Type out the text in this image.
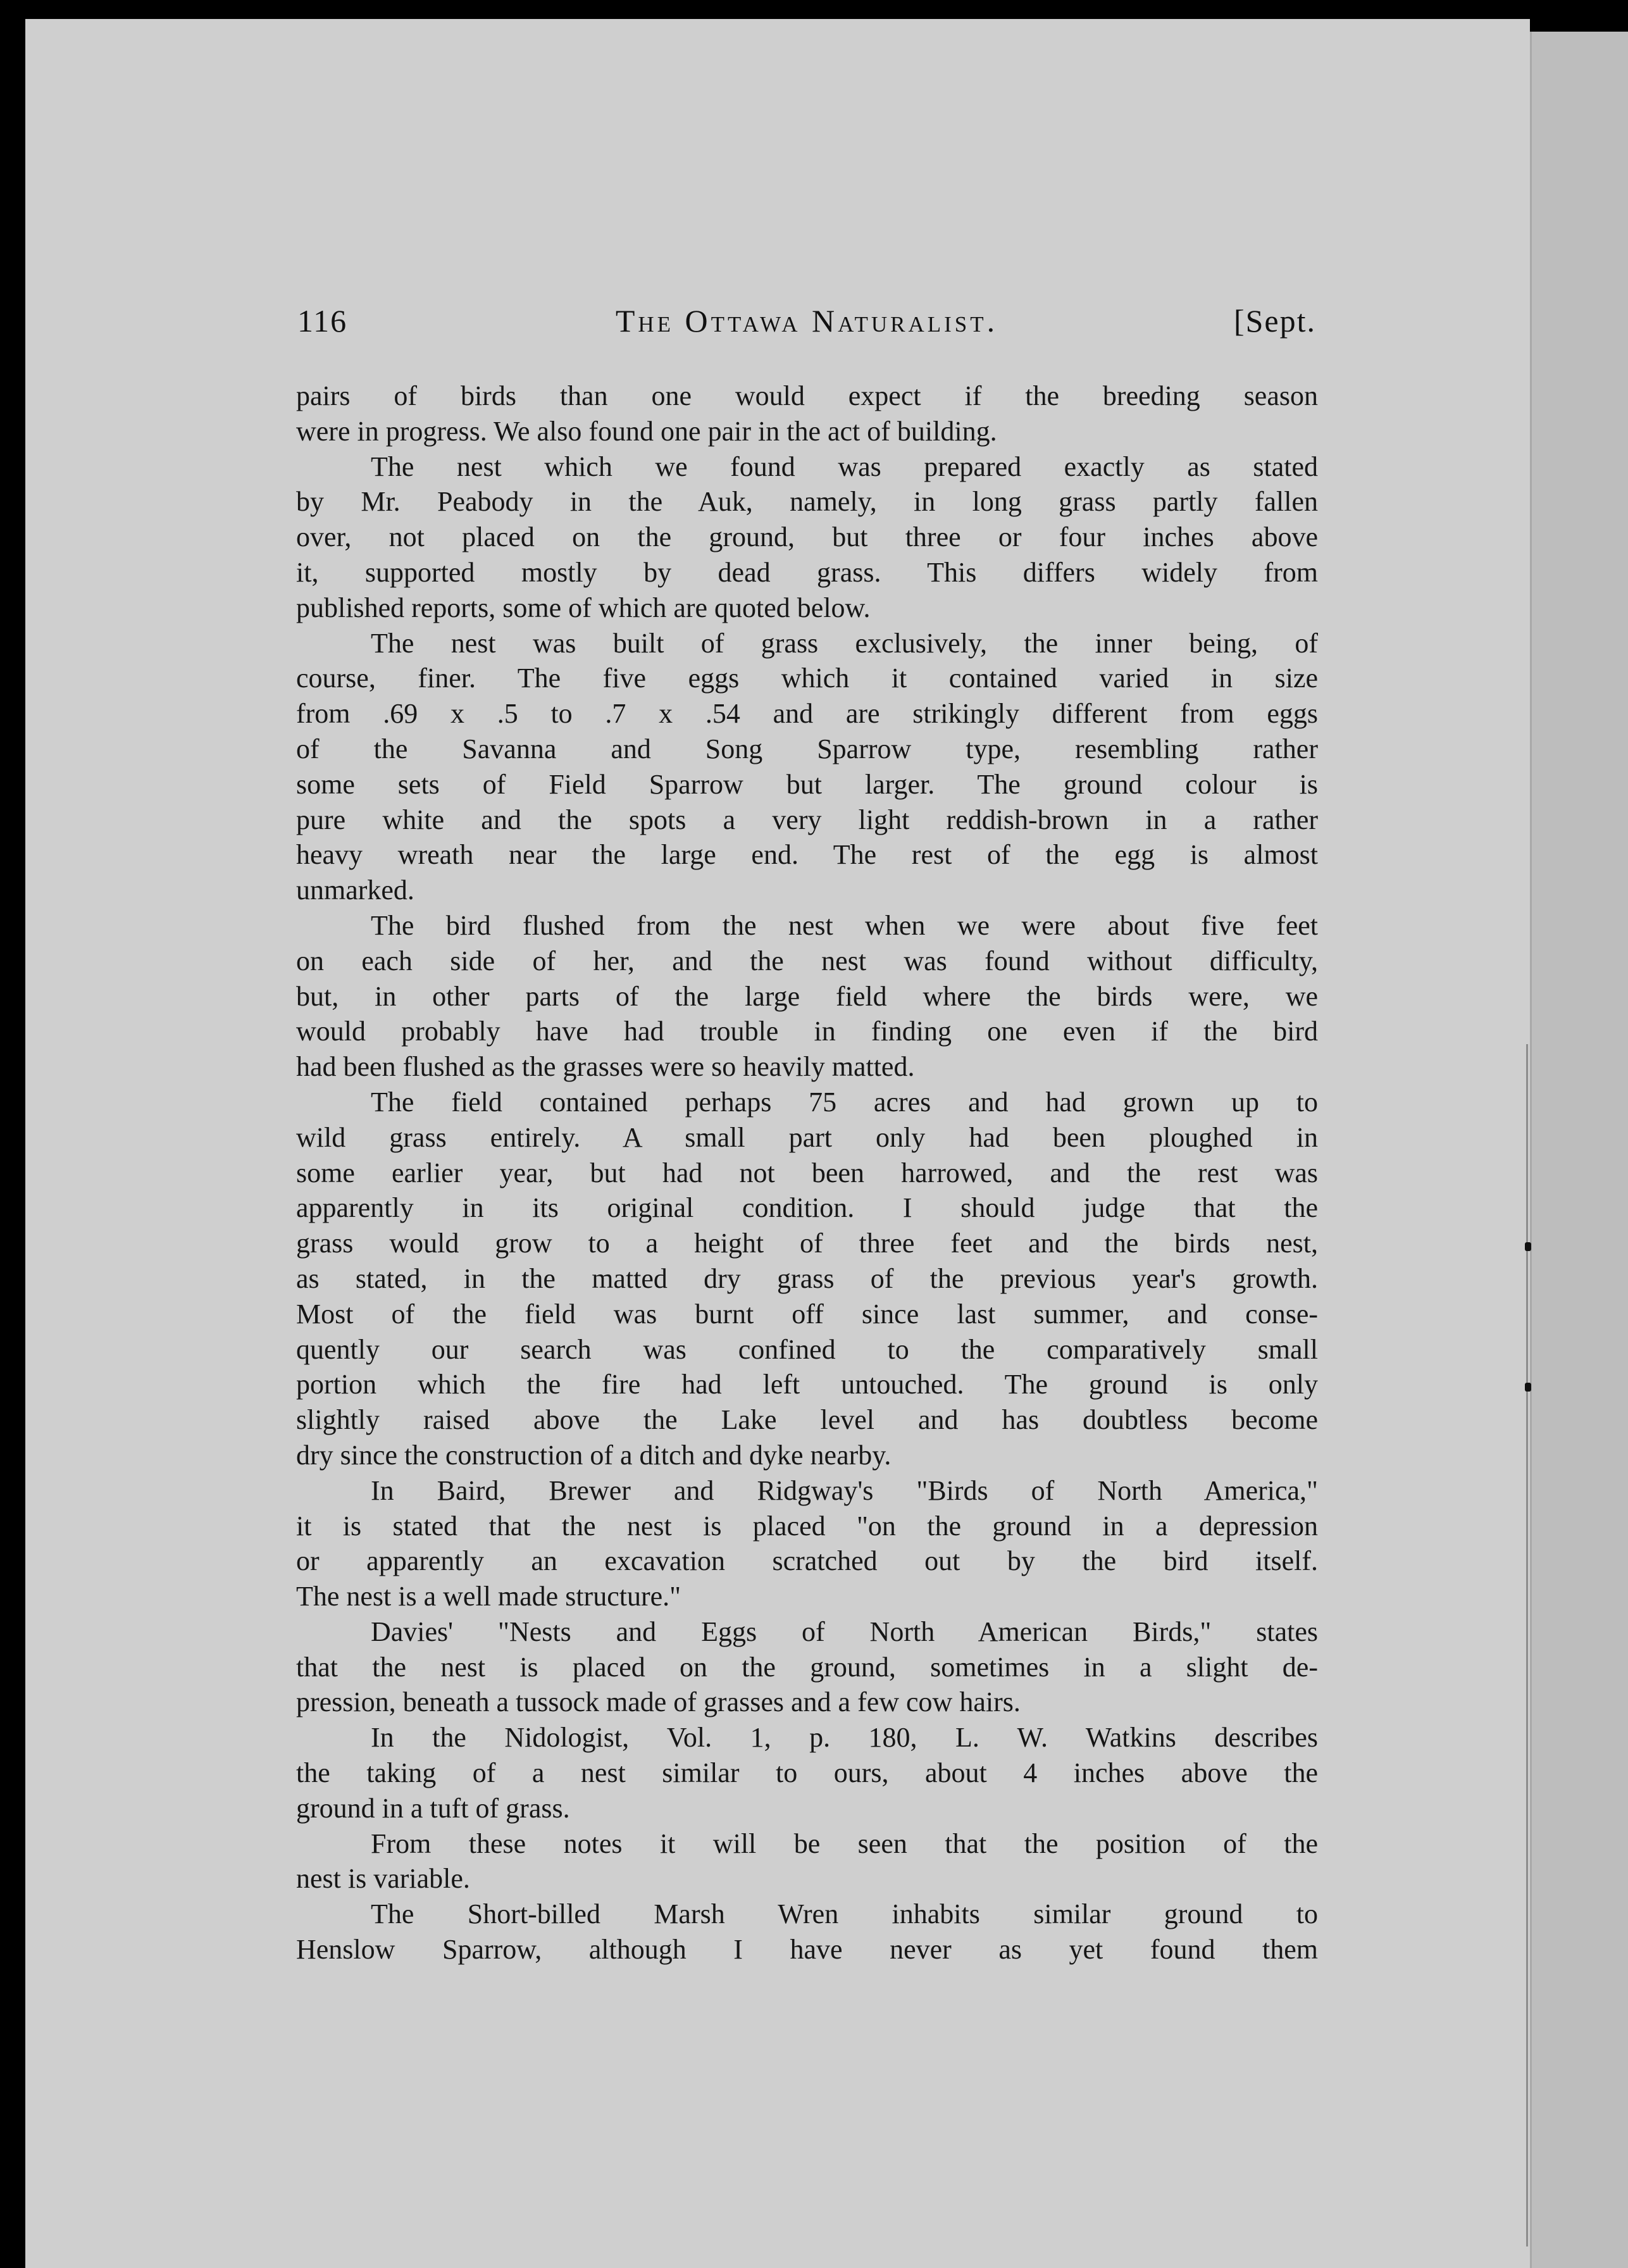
116	The Ottawa Naturalist.	[Sept.
pairs of birds than one would expect if the breeding season
were in progress. We also found one pair in the act of building.
The nest which we found was prepared exactly as stated
by Mr. Peabody in the Auk, namely, in long grass partly fallen
over, not placed on the ground, but three or four inches above
it, supported mostly by dead grass. This differs widely from
published reports, some of which are quoted below.
The nest was built of grass exclusively, the inner being, of
course, finer. The five eggs which it contained varied in size
from .69 x .5 to .7 x .54 and are strikingly different from eggs
of the Savanna and Song Sparrow type, resembling rather
some sets of Field Sparrow but larger. The ground colour is
pure white and the spots a very light reddish-brown in a rather
heavy wreath near the large end. The rest of the egg is almost
unmarked.
The bird flushed from the nest when we were about five feet
on each side of her, and the nest was found without difficulty,
but, in other parts of the large field where the birds were, we
would probably have had trouble in finding one even if the bird
had been flushed as the grasses were so heavily matted.
The field contained perhaps 75 acres and had grown up to
wild grass entirely. A small part only had been ploughed in
some earlier year, but had not been harrowed, and the rest was
apparently in its original condition. I should judge that the
grass would grow to a height of three feet and the birds nest,
as stated, in the matted dry grass of the previous year's growth.
Most of the field was burnt off since last summer, and conse-
quently our search was confined to the comparatively small
portion which the fire had left untouched. The ground is only
slightly raised above the Lake level and has doubtless become
dry since the construction of a ditch and dyke nearby.
In Baird, Brewer and Ridgway's "Birds of North America,"
it is stated that the nest is placed "on the ground in a depression
or apparently an excavation scratched out by the bird itself.
The nest is a well made structure."
Davies' "Nests and Eggs of North American Birds," states
that the nest is placed on the ground, sometimes in a slight de-
pression, beneath a tussock made of grasses and a few cow hairs.
In the Nidologist, Vol. 1, p. 180, L. W. Watkins describes
the taking of a nest similar to ours, about 4 inches above the
ground in a tuft of grass.
From these notes it will be seen that the position of the
nest is variable.
The Short-billed Marsh Wren inhabits similar ground to
Henslow Sparrow, although I have never as yet found them
